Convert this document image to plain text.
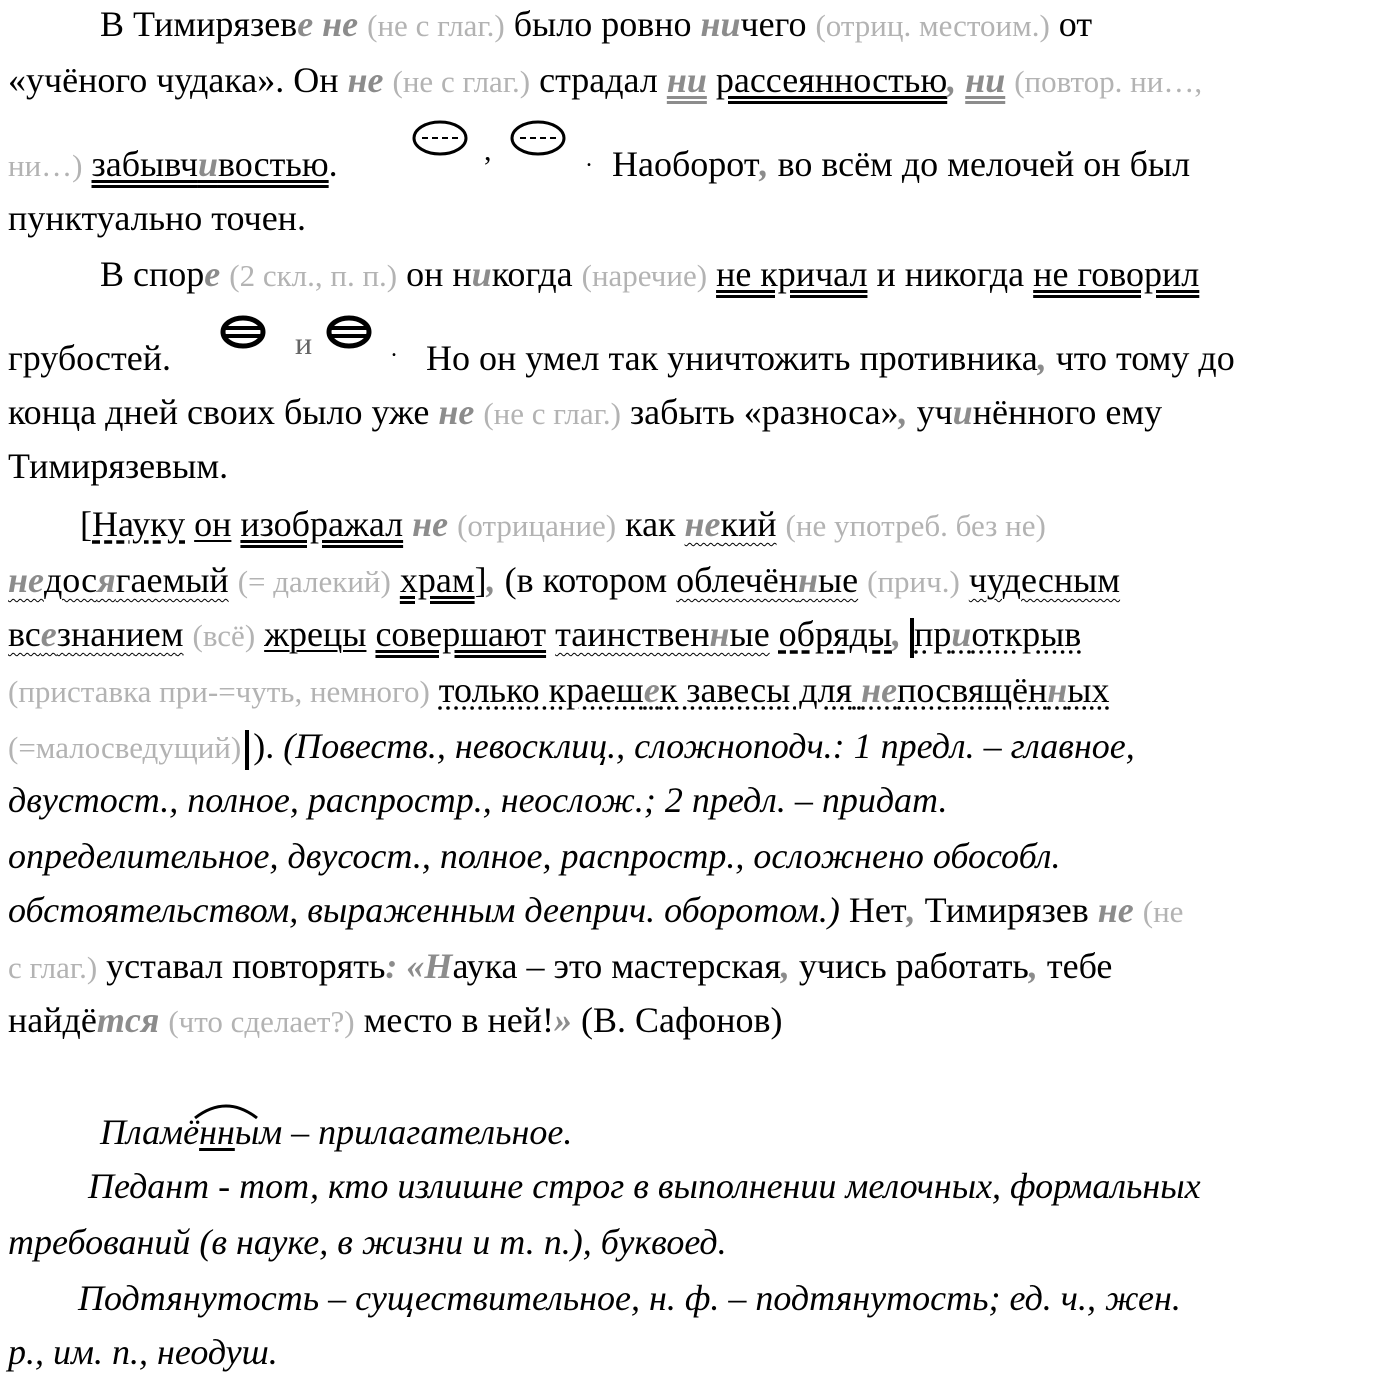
В Тимирязеве не (не с глаг.) было ровно ничего (отриц. местоим.) от
«учёного чудака». Он не (не с глаг.) страдал ни рассеянностью, ни (повтор. ни…,
ни…) забывчивостью.	,	. Наоборот, во всём до мелочей он был
пунктуально точен.
В споре (2 скл., п. п.) он никогда (наречие) не кричал и никогда не говорил
грубостей.	и	. Но он умел так уничтожить противника, что тому до
конца дней своих было уже не (не с глаг.) забыть «разноса», учинённого ему
Тимирязевым.
[Науку он изображал не (отрицание) как некий (не употреб. без не)
недосягаемый (= далекий) храм], (в котором облечённые (прич.) чудесным
всезнанием (всё) жрецы совершают таинственные обряды, приоткрыв
(приставка при-=чуть, немного) только краешек завесы для непосвящённых
(=малосведущий) ). (Повеств., невосклиц., сложноподч.: 1 предл. – главное,
двустост., полное, распростр., неослож.; 2 предл. – придат.
определительное, двусост., полное, распростр., осложнено обособл.
обстоятельством, выраженным дееприч. оборотом.) Нет, Тимирязев не (не
с глаг.) уставал повторять: «Наука – это мастерская, учись работать, тебе
найдётся (что сделает?) место в ней!» (В. Сафонов)
Пламё
нным – прилагательное.
Педант - тот, кто излишне строг в выполнении мелочных, формальных
требований (в науке, в жизни и т. п.), буквоед.
Подтянутость – существительное, н. ф. – подтянутость; ед. ч., жен.
р., им. п., неодуш.
